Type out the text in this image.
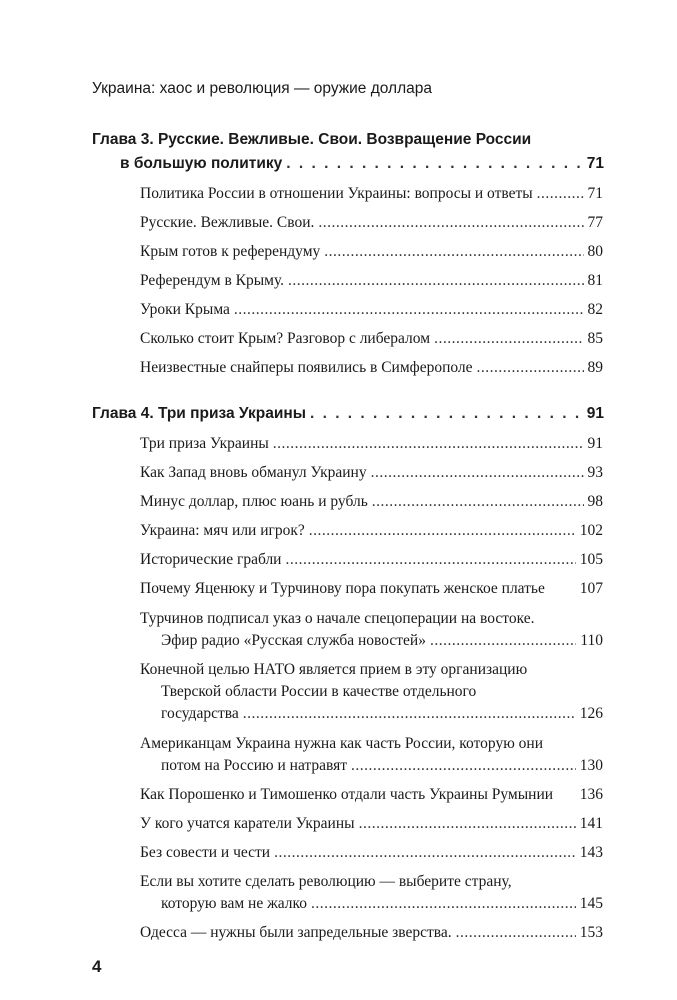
Украина: хаос и революция — оружие доллара
Глава 3. Русские. Вежливые. Свои. Возвращение России
в большую политику . . .	71
Политика России в отношении Украины: вопросы и ответы .....	71
Русские. Вежливые. Свои. .....	77
Крым готов к референдуму .....	80
Референдум в Крыму. .....	81
Уроки Крыма .....	82
Сколько стоит Крым? Разговор с либералом .....	85
Неизвестные снайперы появились в Симферополе .....	89
Глава 4. Три приза Украины . . .	91
Три приза Украины .....	91
Как Запад вновь обманул Украину .....	93
Минус доллар, плюс юань и рубль .....	98
Украина: мяч или игрок? .....	102
Исторические грабли .....	105
Почему Яценюку и Турчинову пора покупать женское платье 107
Турчинов подписал указ о начале спецоперации на востоке.
Эфир радио «Русская служба новостей» .....	110
Конечной целью НАТО является прием в эту организацию
Тверской области России в качестве отдельного
государства .....	126
Американцам Украина нужна как часть России, которую они
потом на Россию и натравят .....	130
Как Порошенко и Тимошенко отдали часть Украины Румынии 136
У кого учатся каратели Украины .....	141
Без совести и чести .....	143
Если вы хотите сделать революцию — выберите страну,
которую вам не жалко .....	145
Одесса — нужны были запредельные зверства. .....	153
4
